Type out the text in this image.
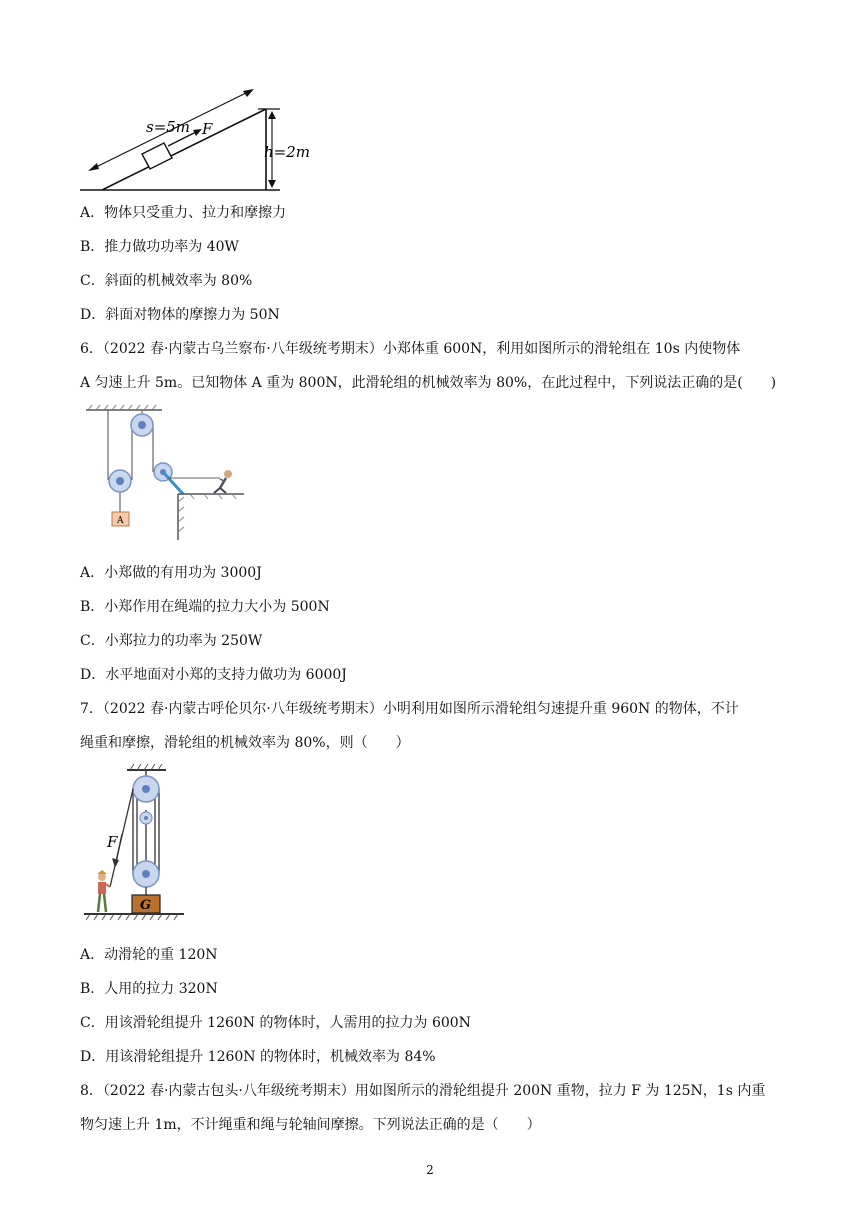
s=5m F
h=2m
A．物体只受重力、拉力和摩擦力
B．推力做功功率为 40W
C．斜面的机械效率为 80%
D．斜面对物体的摩擦力为 50N
6．（2022 春·内蒙古乌兰察布·八年级统考期末）小郑体重 600N，利用如图所示的滑轮组在 10s 内使物体
A 匀速上升 5m。已知物体 A 重为 800N，此滑轮组的机械效率为 80%，在此过程中，下列说法正确的是(　　)
A
A．小郑做的有用功为 3000J
B．小郑作用在绳端的拉力大小为 500N
C．小郑拉力的功率为 250W
D．水平地面对小郑的支持力做功为 6000J
7．（2022 春·内蒙古呼伦贝尔·八年级统考期末）小明利用如图所示滑轮组匀速提升重 960N 的物体，不计
绳重和摩擦，滑轮组的机械效率为 80%，则（　　）
F
G
A．动滑轮的重 120N
B．人用的拉力 320N
C．用该滑轮组提升 1260N 的物体时，人需用的拉力为 600N
D．用该滑轮组提升 1260N 的物体时，机械效率为 84%
8．（2022 春·内蒙古包头·八年级统考期末）用如图所示的滑轮组提升 200N 重物，拉力 F 为 125N，1s 内重
物匀速上升 1m，不计绳重和绳与轮轴间摩擦。下列说法正确的是（　　）
2
